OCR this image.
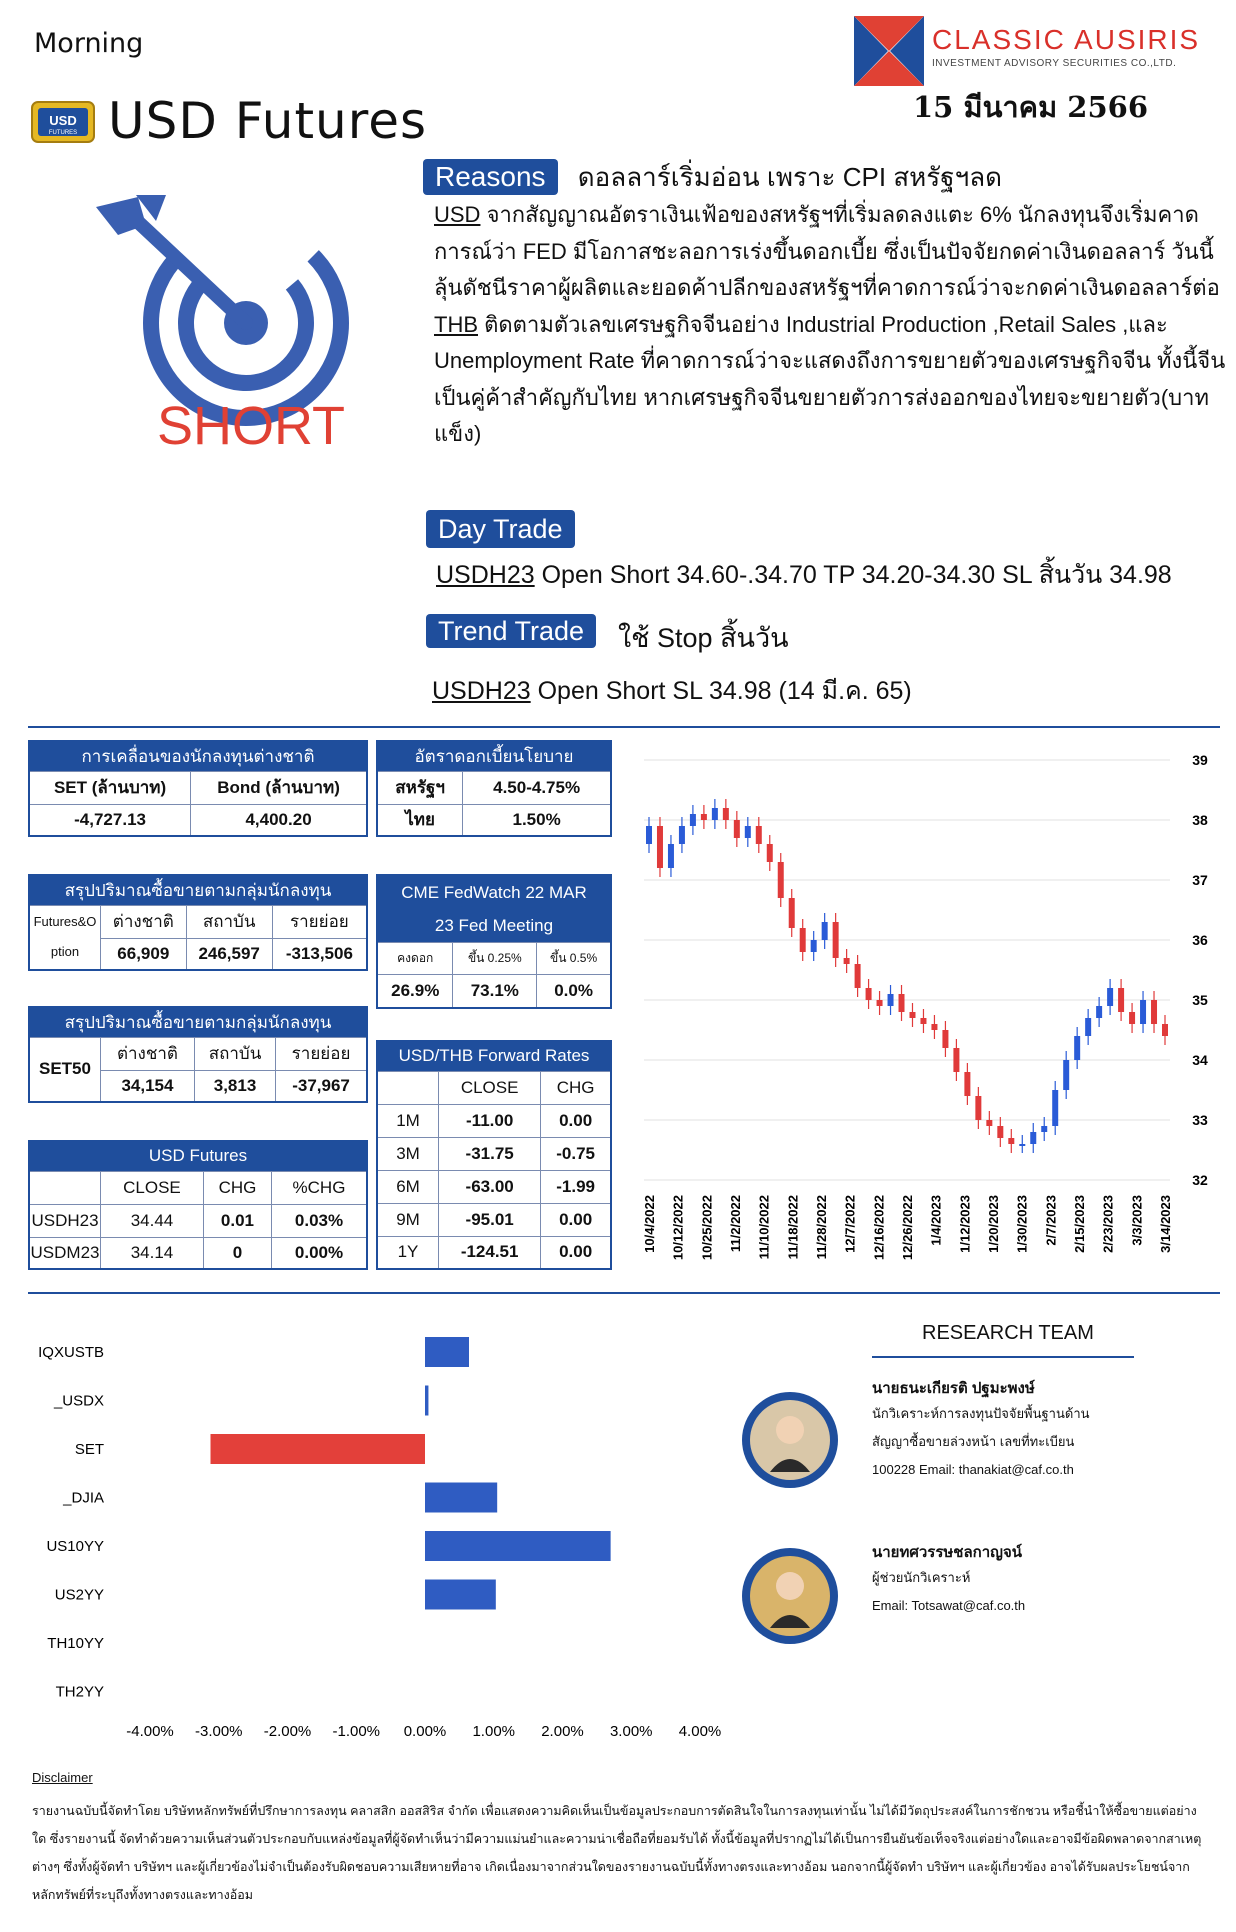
Morning
USD
FUTURES USD Futures
CLASSIC AUSIRIS
INVESTMENT ADVISORY SECURITIES CO.,LTD.
15 มีนาคม 2566
SHORT
Reasons ดอลลาร์เริ่มอ่อน เพราะ CPI สหรัฐฯลด

USD จากสัญญาณอัตราเงินเฟ้อของสหรัฐฯที่เริ่มลดลงแตะ 6% นักลงทุนจึงเริ่มคาดการณ์ว่า FED มีโอกาสชะลอการเร่งขึ้นดอกเบี้ย ซึ่งเป็นปัจจัยกดค่าเงินดอลลาร์ วันนี้ลุ้นดัชนีราคาผู้ผลิตและยอดค้าปลีกของสหรัฐฯที่คาดการณ์ว่าจะกดค่าเงินดอลลาร์ต่อ

THB ติดตามตัวเลขเศรษฐกิจจีนอย่าง Industrial Production ,Retail Sales ,และ Unemployment Rate ที่คาดการณ์ว่าจะแสดงถึงการขยายตัวของเศรษฐกิจจีน ทั้งนี้จีนเป็นคู่ค้าสำคัญกับไทย หากเศรษฐกิจจีนขยายตัวการส่งออกของไทยจะขยายตัว(บาทแข็ง)

Day Trade
USDH23 Open Short 34.60-.34.70 TP 34.20-34.30 SL สิ้นวัน 34.98
Trend Trade	ใช้ Stop สิ้นวัน
USDH23 Open Short SL 34.98 (14 มี.ค. 65)
การเคลื่อนของนักลงทุนต่างชาติ	
SET (ล้านบาท)	Bond (ล้านบาท)
-4,727.13	4,400.20
อัตราดอกเบี้ยนโยบาย	
สหรัฐฯ	4.50-4.75%
ไทย	1.50%
สรุปปริมาณซื้อขายตามกลุ่มนักลงทุน			
Futures&O
ption	ต่างชาติ	สถาบัน	รายย่อย
	66,909	246,597	-313,506
CME FedWatch 22 MAR
23 Fed Meeting		
คงดอก	ขึ้น 0.25%	ขึ้น 0.5%
26.9%	73.1%	0.0%
สรุปปริมาณซื้อขายตามกลุ่มนักลงทุน			
SET50	ต่างชาติ	สถาบัน	รายย่อย
	34,154	3,813	-37,967
USD/THB Forward Rates		
	CLOSE	CHG
1M	-11.00	0.00
3M	-31.75	-0.75
6M	-63.00	-1.99
9M	-95.01	0.00
1Y	-124.51	0.00
USD Futures			
	CLOSE	CHG	%CHG
USDH23	34.44	0.01	0.03%
USDM23	34.14	0	0.00%
39
38
37
36
35
34
33
32
10/4/2022 10/12/2022 10/25/2022 11/2/2022 11/10/2022 11/18/2022 11/28/2022 12/7/2022 12/16/2022 12/26/2022 1/4/2023 1/12/2023 1/20/2023 1/30/2023 2/7/2023 2/15/2023 2/23/2023 3/3/2023 3/14/2023
IQXUSTB
_USDX
SET
_DJIA
US10YY
US2YY
TH10YY
TH2YY
-4.00% -3.00% -2.00% -1.00% 0.00% 1.00% 2.00% 3.00% 4.00%
RESEARCH TEAM
นายธนะเกียรติ ปฐมะพงษ์
นักวิเคราะห์การลงทุนปัจจัยพื้นฐานด้าน
สัญญาซื้อขายล่วงหน้า เลขที่ทะเบียน
100228 Email: thanakiat@caf.co.th
นายทศวรรษชลกาญจน์
ผู้ช่วยนักวิเคราะห์
Email: Totsawat@caf.co.th
Disclaimer
รายงานฉบับนี้จัดทำโดย บริษัทหลักทรัพย์ที่ปรึกษาการลงทุน คลาสสิก ออสสิริส จำกัด เพื่อแสดงความคิดเห็นเป็นข้อมูลประกอบการตัดสินใจในการลงทุนเท่านั้น ไม่ได้มีวัตถุประสงค์ในการชักชวน หรือชี้นำให้ซื้อขายแต่อย่างใด ซึ่งรายงานนี้ จัดทำด้วยความเห็นส่วนตัวประกอบกับแหล่งข้อมูลที่ผู้จัดทำเห็นว่ามีความแม่นยำและความน่าเชื่อถือที่ยอมรับได้ ทั้งนี้ข้อมูลที่ปรากฏไม่ได้เป็นการยืนยันข้อเท็จจริงแต่อย่างใดและอาจมีข้อผิดพลาดจากสาเหตุต่างๆ ซึ่งทั้งผู้จัดทำ บริษัทฯ และผู้เกี่ยวข้องไม่จำเป็นต้องรับผิดชอบความเสียหายที่อาจ เกิดเนื่องมาจากส่วนใดของรายงานฉบับนี้ทั้งทางตรงและทางอ้อม นอกจากนี้ผู้จัดทำ บริษัทฯ และผู้เกี่ยวข้อง อาจได้รับผลประโยชน์จากหลักทรัพย์ที่ระบุถึงทั้งทางตรงและทางอ้อม
